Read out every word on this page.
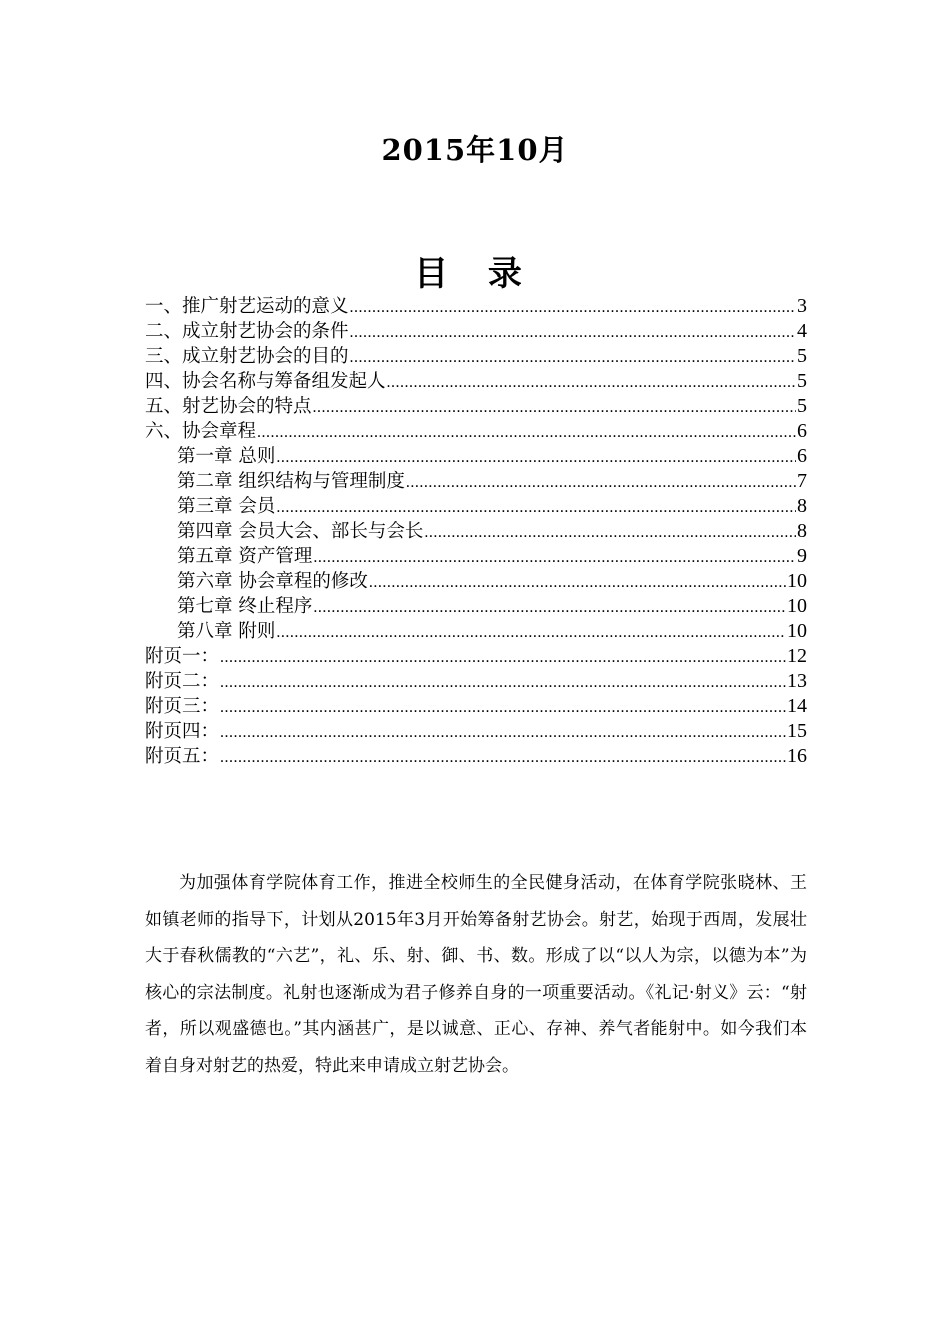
2015年10月
目 录
一、推广射艺运动的意义 .....	3
二、成立射艺协会的条件 .....	4
三、成立射艺协会的目的 .....	5
四、协会名称与筹备组发起人 .....	5
五、射艺协会的特点 .....	5
六、协会章程 .....	6
第一章 总则 .....	6
第二章 组织结构与管理制度 .....	7
第三章 会员 .....	8
第四章 会员大会、部长与会长 .....	8
第五章 资产管理 .....	9
第六章 协会章程的修改 .....	10
第七章 终止程序 .....	10
第八章 附则 .....	10
附页一： .....	12
附页二： .....	13
附页三： .....	14
附页四： .....	15
附页五： .....	16

为加强体育学院体育工作，推进全校师生的全民健身活动，在体育学院张晓林、王如镇老师的指导下，计划从2015年3月开始筹备射艺协会。射艺，始现于西周，发展壮大于春秋儒教的“六艺”，礼、乐、射、御、书、数。形成了以“以人为宗，以德为本”为核心的宗法制度。礼射也逐渐成为君子修养自身的一项重要活动。《礼记·射义》云：“射者，所以观盛德也。”其内涵甚广，是以诚意、正心、存神、养气者能射中。如今我们本着自身对射艺的热爱，特此来申请成立射艺协会。
